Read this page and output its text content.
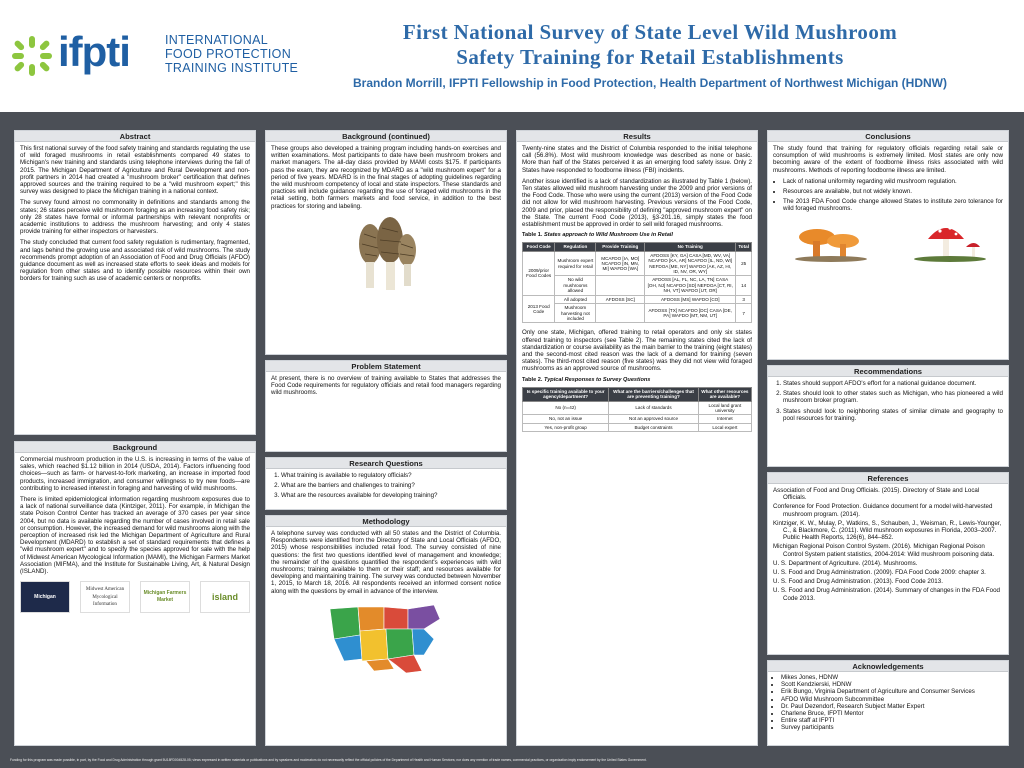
ifpti	INTERNATIONAL
FOOD PROTECTION
TRAINING INSTITUTE
First National Survey of State Level Wild Mushroom
Safety Training for Retail Establishments
Brandon Morrill, IFPTI Fellowship in Food Protection, Health Department of Northwest Michigan (HDNW)
Abstract

This first national survey of the food safety training and standards regulating the use of wild foraged mushrooms in retail establishments compared 49 states to Michigan's new training and standards using telephone interviews during the fall of 2015. The Michigan Department of Agriculture and Rural Development and non-profit partners in 2014 had created a "mushroom broker" certification that defines approved sources and the training required to be a "wild mushroom expert;" this survey was designed to place the Michigan training in a national context.

The survey found almost no commonality in definitions and standards among the states; 26 states perceive wild mushroom foraging as an increasing food safety risk; only 28 states have formal or informal partnerships with relevant nonprofits or academic institutions to address the mushroom harvesting; and only 4 states provide training for either inspectors or harvesters.

The study concluded that current food safety regulation is rudimentary, fragmented, and lags behind the growing use and associated risk of wild mushrooms. The study recommends prompt adoption of an Association of Food and Drug Officials (AFDO) guidance document as well as increased state efforts to seek ideas and models for regulation from other states and to identify possible resources within their own borders for training such as use of academic centers or nonprofits.

Background

Commercial mushroom production in the U.S. is increasing in terms of the value of sales, which reached $1.12 billion in 2014 (USDA, 2014). Factors influencing food choices—such as farm- or harvest-to-fork marketing, an increase in imported food products, increased immigration, and consumer willingness to try new foods—are contributing to increased interest in foraging and harvesting of wild mushrooms.

There is limited epidemiological information regarding mushroom exposures due to a lack of national surveillance data (Kintziger, 2011). For example, in Michigan the state Poison Control Center has tracked an average of 370 cases per year since 2004, but no data is available regarding the number of cases involved in retail sale or consumption. However, the increased demand for wild mushrooms along with the perception of increased risk led the Michigan Department of Agriculture and Rural Development (MDARD) to establish a set of standard requirements that defines a "wild mushroom expert" and to specify the species approved for sale with the help of Midwest American Mycological Information (MAMI), the Michigan Farmers Market Association (MIFMA), and the Institute for Sustainable Living, Art, & Natural Design (ISLAND).

Michigan
Midwest American Mycological Information
Michigan Farmers Market	island
Background (continued)

These groups also developed a training program including hands-on exercises and written examinations. Most participants to date have been mushroom brokers and market managers. The all-day class provided by MAMI costs $175. If participants pass the exam, they are recognized by MDARD as a "wild mushroom expert" for a period of five years. MDARD is in the final stages of adopting guidelines regarding the wild mushroom competency of local and state inspectors. These standards and practices will include guidance regarding the use of foraged wild mushrooms in the retail setting, both farmers markets and food service, in addition to the best practices for storing and labeling.

Problem Statement

At present, there is no overview of training available to States that addresses the Food Code requirements for regulatory officials and retail food managers regarding wild mushrooms.

Research Questions
1. What training is available to regulatory officials?
2. What are the barriers and challenges to training?
3. What are the resources available for developing training?
Methodology

A telephone survey was conducted with all 50 states and the District of Columbia. Respondents were identified from the Directory of State and Local Officials (AFDO, 2015) whose responsibilities included retail food. The survey consisted of nine questions: the first two questions identified level of management and knowledge; the remainder of the questions quantified the respondent's experiences with wild mushrooms; training available to them or their staff; and resources available for developing and maintaining training. The survey was conducted between November 1, 2015, to March 18, 2016. All respondents received an informed consent notice along with the questions by email in advance of the interview.

Results

Twenty-nine states and the District of Columbia responded to the initial telephone call (56.8%). Most wild mushroom knowledge was described as none or basic. More than half of the States perceived it as an emerging food safety issue. Only 2 States have responded to foodborne illness (FBI) incidents.

Another issue identified is a lack of standardization as illustrated by Table 1 (below). Ten states allowed wild mushroom harvesting under the 2009 and prior versions of the Food Code. Those who were using the current (2013) version of the Food Code did not allow for wild mushroom harvesting. Previous versions of the Food Code, 2009 and prior, placed the responsibility of defining "approved mushroom expert" on the State. The current Food Code (2013), §3-201.16, simply states the food establishment must be approved in order to sell wild foraged mushrooms.

Table 1. States approach to Wild Mushroom Use in Retail
Food Code	Regulation	Provide Training	No Training	Total
2009/prior Food Codes	Mushroom expert required for retail	MCAFDO [IA, MO] NCAFDO [IN, MN, MI] WAFDO [WA]	AFDOSS [KY, GA] CASA [MD, WV, VA] NCAFDO [KA, AR] NCAFDO [IL, ND, WI] NEFDOA [ME, NY] WAFDO [AK, AZ, HI, ID, NV, OR, WY]	25
	No wild mushrooms allowed		AFDOSS [AL, FL, NC, LA, TN] CASA [OH, NJ] NCAFDO [SD] NEFDOA [CT, RI, NH, VT] WAFDO [UT, OR]	14
2013 Food Code	All adopted	AFDOSS [SC]	AFDOSS [MS] WAFDO [CO]	3
	Mushroom harvesting not included		AFDOSS [TX] NCAFDO [DC] CASA [DE, PA] WAFDO [MT, NM, UT]	7

Only one state, Michigan, offered training to retail operators and only six states offered training to inspectors (see Table 2). The remaining states cited the lack of standardization or course availability as the main barrier to the training (eight states) and the second-most cited reason was the lack of a demand for training (seven states). The third-most cited reason (five states) was they did not view wild foraged mushrooms as an approved source of mushrooms.

Table 2. Typical Responses to Survey Questions
Is specific training available to your agency/department?	What are the barriers/challenges that are preventing training?	What other resources are available?
No (n=42)	Lack of standards	Local land grant university
No, not an issue	Not an approved source	Internet
Yes, non-profit group	Budget constraints	Local expert
Conclusions

The study found that training for regulatory officials regarding retail sale or consumption of wild mushrooms is extremely limited. Most states are only now becoming aware of the extent of foodborne illness risks associated with wild mushrooms. Methods of reporting foodborne illness are limited.

• Lack of national uniformity regarding wild mushroom regulation.
• Resources are available, but not widely known.
• The 2013 FDA Food Code change allowed States to institute zero tolerance for wild foraged mushrooms.
Recommendations
1. States should support AFDO's effort for a national guidance document.
2. States should look to other states such as Michigan, who has pioneered a wild mushroom broker program.
3. States should look to neighboring states of similar climate and geography to pool resources for training.
References
Association of Food and Drug Officials. (2015). Directory of State and Local Officials.
Conference for Food Protection. Guidance document for a model wild-harvested mushroom program. (2014).
Kintziger, K. W., Mulay, P., Watkins, S., Schauben, J., Weisman, R., Lewis-Younger, C., & Blackmore, C. (2011). Wild mushroom exposures in Florida, 2003–2007. Public Health Reports, 126(6), 844–852.
Michigan Regional Poison Control System. (2016). Michigan Regional Poison Control System patient statistics, 2004-2014: Wild mushroom poisoning data.
U. S. Department of Agriculture. (2014). Mushrooms.
U. S. Food and Drug Administration. (2009). FDA Food Code 2009: chapter 3.
U. S. Food and Drug Administration. (2013). Food Code 2013.
U. S. Food and Drug Administration. (2014). Summary of changes in the FDA Food Code 2013.
Acknowledgements
• Mikes Jones, HDNW
• Scott Kendzierski, HDNW
• Erik Bungo, Virginia Department of Agriculture and Consumer Services
• AFDO Wild Mushroom Subcommittee
• Dr. Paul Dezendorf, Research Subject Matter Expert
• Charlene Bruce, IFPTI Mentor
• Entire staff at IFPTI
• Survey participants
Funding for this program was made possible, in part, by the Food and Drug Administration through grant 5U18FD004528-05; views expressed in written materials or publications and by speakers and moderators do not necessarily reflect the official policies of the Department of Health and Human Services; nor does any mention of trade names, commercial practices, or organization imply endorsement by the United States Government.
